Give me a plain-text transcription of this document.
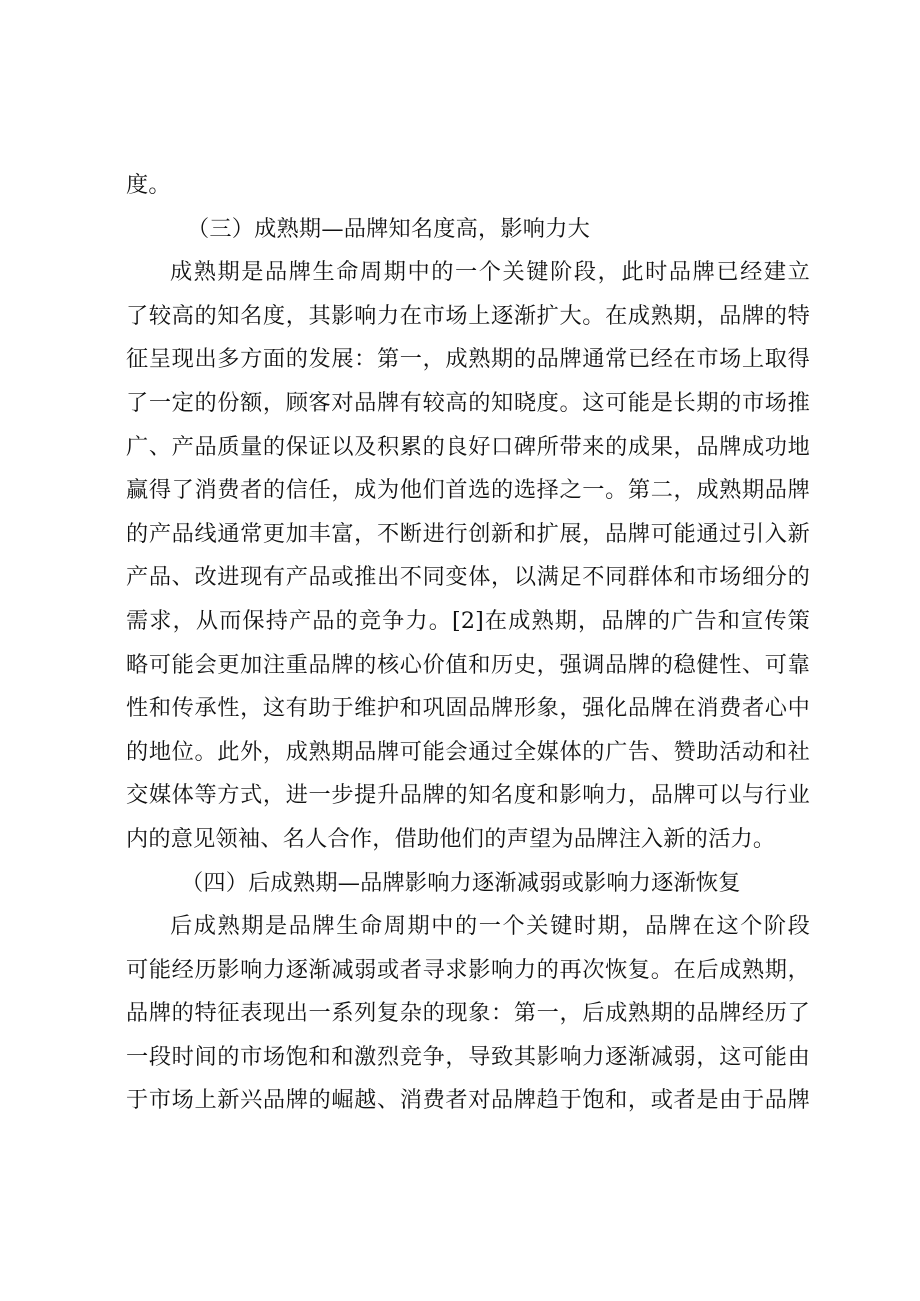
度。
（三）成熟期—品牌知名度高，影响力大
成熟期是品牌生命周期中的一个关键阶段，此时品牌已经建立
了较高的知名度，其影响力在市场上逐渐扩大。在成熟期，品牌的特
征呈现出多方面的发展：第一，成熟期的品牌通常已经在市场上取得
了一定的份额，顾客对品牌有较高的知晓度。这可能是长期的市场推
广、产品质量的保证以及积累的良好口碑所带来的成果，品牌成功地
赢得了消费者的信任，成为他们首选的选择之一。第二，成熟期品牌
的产品线通常更加丰富，不断进行创新和扩展，品牌可能通过引入新
产品、改进现有产品或推出不同变体，以满足不同群体和市场细分的
需求，从而保持产品的竞争力。[2]在成熟期，品牌的广告和宣传策
略可能会更加注重品牌的核心价值和历史，强调品牌的稳健性、可靠
性和传承性，这有助于维护和巩固品牌形象，强化品牌在消费者心中
的地位。此外，成熟期品牌可能会通过全媒体的广告、赞助活动和社
交媒体等方式，进一步提升品牌的知名度和影响力，品牌可以与行业
内的意见领袖、名人合作，借助他们的声望为品牌注入新的活力。
（四）后成熟期—品牌影响力逐渐减弱或影响力逐渐恢复
后成熟期是品牌生命周期中的一个关键时期，品牌在这个阶段
可能经历影响力逐渐减弱或者寻求影响力的再次恢复。在后成熟期，
品牌的特征表现出一系列复杂的现象：第一，后成熟期的品牌经历了
一段时间的市场饱和和激烈竞争，导致其影响力逐渐减弱，这可能由
于市场上新兴品牌的崛越、消费者对品牌趋于饱和，或者是由于品牌
